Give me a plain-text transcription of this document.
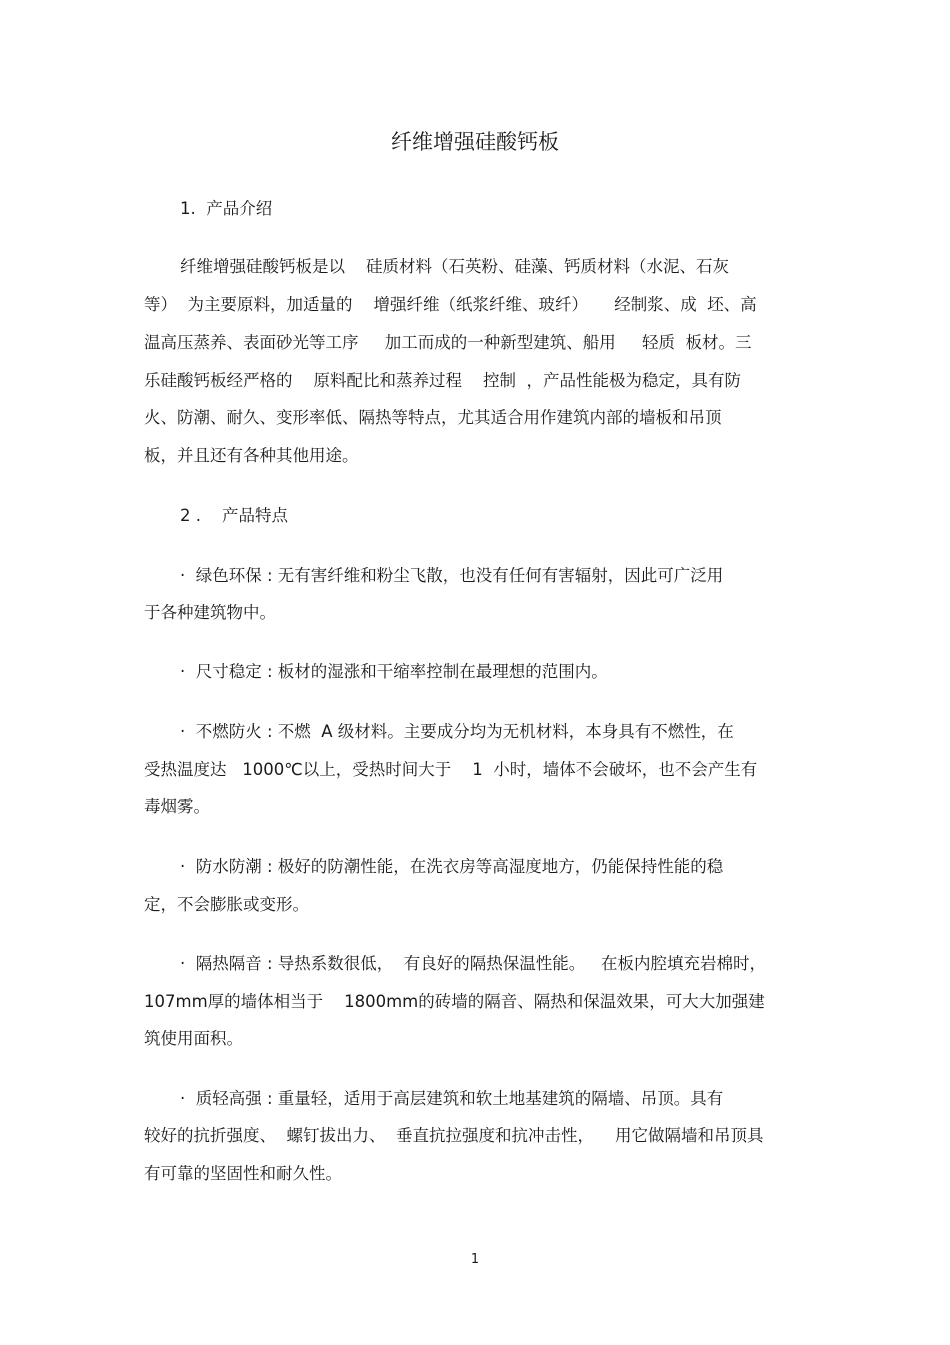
纤维增强硅酸钙板
1.  产品介绍
纤维增强硅酸钙板是以    硅质材料（石英粉、硅藻、钙质材料（水泥、石灰
等）  为主要原料，加适量的    增强纤维（纸浆纤维、玻纤）     经制浆、成  坯、高
温高压蒸养、表面砂光等工序     加工而成的一种新型建筑、船用     轻质  板材。三
乐硅酸钙板经严格的    原料配比和蒸养过程    控制  ，产品性能极为稳定，具有防
火、防潮、耐久、变形率低、隔热等特点，尤其适合用作建筑内部的墙板和吊顶
板，并且还有各种其他用途。
2 .    产品特点
·  绿色环保 : 无有害纤维和粉尘飞散，也没有任何有害辐射，因此可广泛用
于各种建筑物中。
·  尺寸稳定 : 板材的湿涨和干缩率控制在最理想的范围内。
·  不燃防火 : 不燃  A 级材料。主要成分均为无机材料，本身具有不燃性，在
受热温度达   1000℃以上，受热时间大于    1  小时，墙体不会破坏，也不会产生有
毒烟雾。
·  防水防潮 : 极好的防潮性能，在洗衣房等高湿度地方，仍能保持性能的稳
定，不会膨胀或变形。
·  隔热隔音 : 导热系数很低，  有良好的隔热保温性能。   在板内腔填充岩棉时，
107mm厚的墙体相当于    1800mm的砖墙的隔音、隔热和保温效果，可大大加强建
筑使用面积。
·  质轻高强 : 重量轻，适用于高层建筑和软土地基建筑的隔墙、吊顶。具有
较好的抗折强度、  螺钉拔出力、  垂直抗拉强度和抗冲击性，    用它做隔墙和吊顶具
有可靠的坚固性和耐久性。
1
